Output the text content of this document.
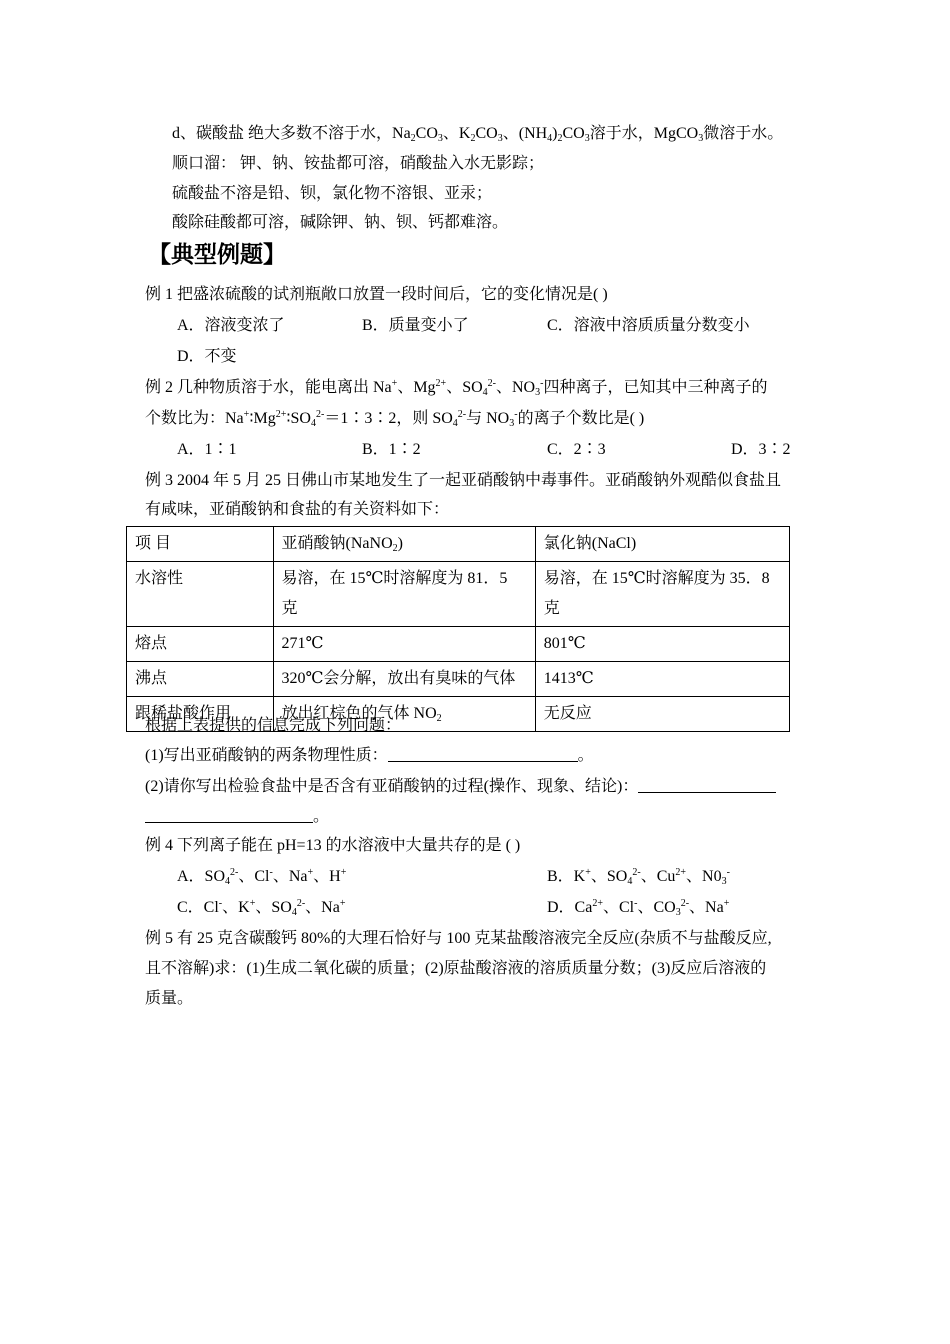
d、碳酸盐 绝大多数不溶于水，$Na_2CO_3$、$K_2CO_3$、$(NH_4)_2CO_3$溶于水，MgCO$_3$微溶于水。
顺口溜： 钾、钠、铵盐都可溶，硝酸盐入水无影踪；
硫酸盐不溶是铅、钡，氯化物不溶银、亚汞；
酸除硅酸都可溶，碱除钾、钠、钡、钙都难溶。
【典型例题】
例 1 把盛浓硫酸的试剂瓶敞口放置一段时间后，它的变化情况是( )
A．溶液变浓了	B．质量变小了	C．溶液中溶质质量分数变小
D．不变
例 2 几种物质溶于水，能电离出 Na+、$Mg^{2+}$、$SO_4^{2-}$、$NO_3^-$四种离子，已知其中三种离子的
个数比为：$Na^+∶Mg^{2+}∶SO_4^{2-}=1∶3∶2$，则 $SO_4^{2-}$与 $NO_3^-$的离子个数比是( )
A．1∶1	B．1∶2	C．2∶3	D．3∶2
例 3 2004 年 5 月 25 日佛山市某地发生了一起亚硝酸钠中毒事件。亚硝酸钠外观酷似食盐且
有咸味，亚硝酸钠和食盐的有关资料如下：
项 目	亚硝酸钠(NaNO$_2$)	氯化钠(NaCl)
水溶性	易溶，在 15℃时溶解度为 81．5 克	易溶，在 15℃时溶解度为 35．8 克
熔点	271℃	801℃
沸点	320℃会分解，放出有臭味的气体	1413℃
跟稀盐酸作用	放出红棕色的气体 $NO_2$	无反应
根据上表提供的信息完成下列问题：
(1)写出亚硝酸钠的两条物理性质：	。
(2)请你写出检验食盐中是否含有亚硝酸钠的过程(操作、现象、结论)：
。
例 4 下列离子能在 pH=13 的水溶液中大量共存的是 ( )
A．$SO_4^{2-}$、Cl-、Na+、H+	B．K+、$SO_4^{2-}$、$Cu^{2+}$、$N0_3^-$
C．Cl-、K+、$SO_4^{2-}$、Na+	D．$Ca^{2+}$、Cl-、$CO_3^{2-}$、Na+
例 5 有 25 克含碳酸钙 80%的大理石恰好与 100 克某盐酸溶液完全反应(杂质不与盐酸反应,
且不溶解)求：(1)生成二氧化碳的质量；(2)原盐酸溶液的溶质质量分数；(3)反应后溶液的
质量。
